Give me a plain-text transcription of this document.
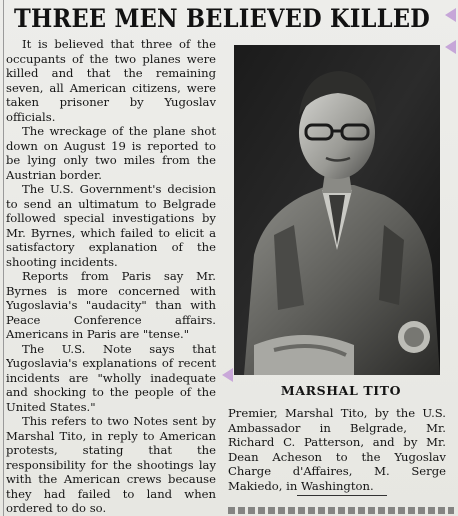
THREE MEN BELIEVED KILLED

It is believed that three of the occupants of the two planes were killed and that the remaining seven, all American citizens, were taken prisoner by Yugoslav officials.

The wreckage of the plane shot down on August 19 is reported to be lying only two miles from the Austrian border.

The U.S. Government's decision to send an ultimatum to Belgrade followed special investigations by Mr. Byrnes, which failed to elicit a satisfactory explanation of the shooting incidents.

Reports from Paris say Mr. Byrnes is more concerned with Yugoslavia's "audacity" than with Peace Conference affairs. Americans in Paris are "tense."

The U.S. Note says that Yugoslavia's explanations of recent incidents are "wholly inadequate and shocking to the people of the United States."

This refers to two Notes sent by Marshal Tito, in reply to American protests, stating that the responsibility for the shootings lay with the American crews because they had failed to land when ordered to do so.

MARSHAL TITO
Premier, Marshal Tito, by the U.S. Ambassador in Belgrade, Mr. Richard C. Patterson, and by Mr. Dean Acheson to the Yugoslav Charge d'Affaires, M. Serge Makiedo, in Washington.
